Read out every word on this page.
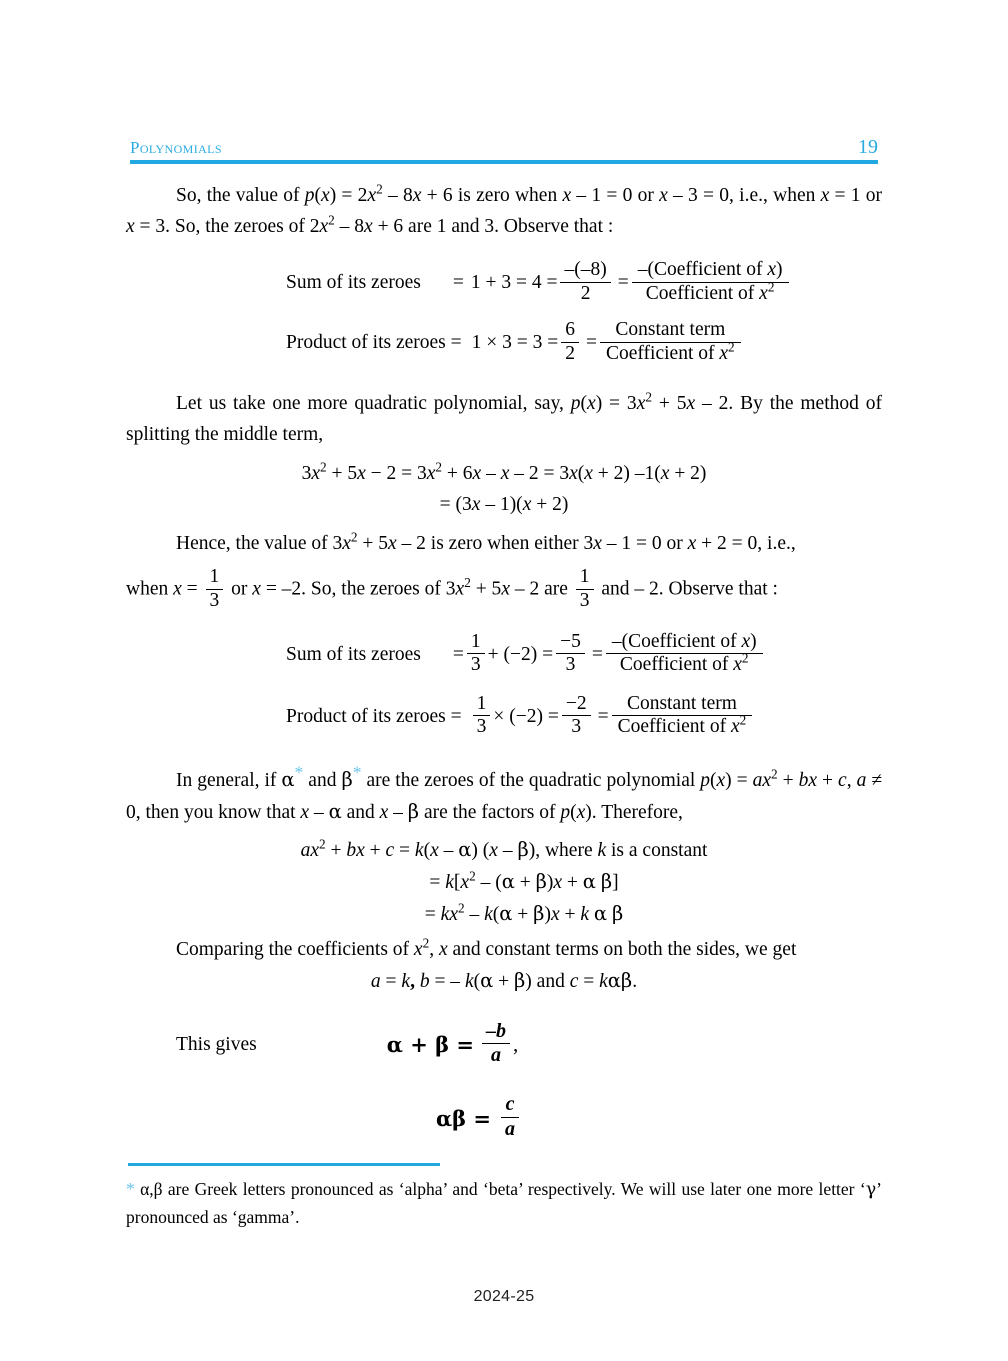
Polynomials	19

So, the value of $p(x) = 2x^2 - 8x + 6$ is zero when x – 1 = 0 or x – 3 = 0, i.e., when x = 1 or x = 3. So, the zeroes of $2x^2 - 8x + 6$ are 1 and 3. Observe that :

Sum of its zeroes = $1 + 3 = 4 = \frac{-(-8)}{2} = \frac{\text{–(Coefficient of x)}}{Coefficient of x^2}$
Product of its zeroes = $1 \times 3 = 3 = \frac{6}{2} = \frac{\text{Constant term}}{Coefficient of x^2}$

Let us take one more quadratic polynomial, say, $p(x) = 3x^2 + 5x - 2$. By the method of splitting the middle term,

$3x^2 + 5x - 2 = 3x^2 + 6x - x - 2 = 3x(x + 2) -1(x + 2)$
= (3x – 1)(x + 2)

Hence, the value of $3x^2 + 5x - 2$ is zero when either 3x – 1 = 0 or x + 2 = 0, i.e.,

when $x = \frac{1}{3}$ or x = –2. So, the zeroes of $3x^2 + 5x - 2$ are $\frac{1}{3}$ and – 2. Observe that :

Sum of its zeroes = $\frac{1}{3} + (-2) = \frac{-5}{3} = \frac{\text{–(Coefficient of x)}}{Coefficient of x^2}$
Product of its zeroes = $\frac{1}{3} \times (-2) = \frac{-2}{3} = \frac{\text{Constant term}}{Coefficient of x^2}$

In general, if α* and β* are the zeroes of the quadratic polynomial $p(x) = ax^2$ + bx + c, a ≠ 0, then you know that x – α and x – β are the factors of p(x). Therefore,

$ax^2$ + bx + c = k(x – α) (x – β), where k is a constant
= $k[x^2 - (\alpha + \beta)x + \alpha$ β]
= $kx^2 - k(\alpha + \beta)x + k$ α β

Comparing the coefficients of $x^2$, x and constant terms on both the sides, we get

a = k, b = – k(α + β) and c = kαβ.
This gives	$\alpha + \beta = \frac{-b}{a}$ ,
$\alpha\beta = \frac{c}{a}$
* α,β are Greek letters pronounced as ‘alpha’ and ‘beta’ respectively. We will use later one more letter ‘γ’ pronounced as ‘gamma’.
2024-25
